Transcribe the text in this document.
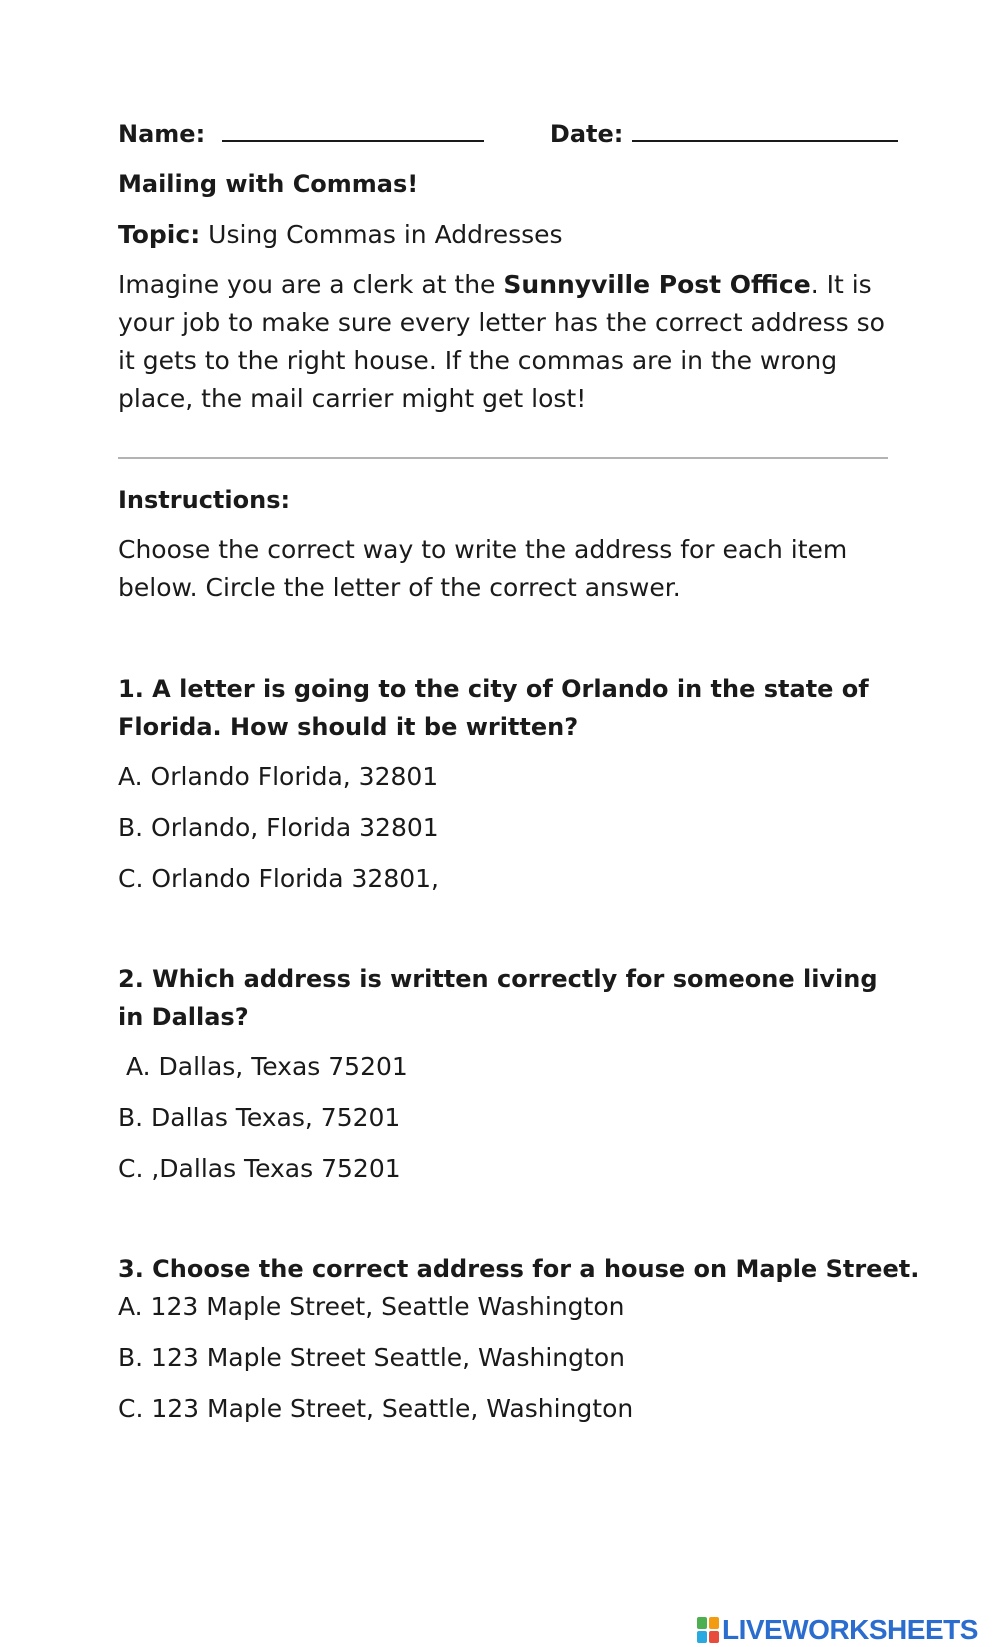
Name:	Date:
Mailing with Commas!
Topic: Using Commas in Addresses
Imagine you are a clerk at the Sunnyville Post Office. It is your job to make sure every letter has the correct address so it gets to the right house. If the commas are in the wrong place, the mail carrier might get lost!
Instructions:
Choose the correct way to write the address for each item below. Circle the letter of the correct answer.
1. A letter is going to the city of Orlando in the state of Florida. How should it be written?
A. Orlando Florida, 32801
B. Orlando, Florida 32801
C. Orlando Florida 32801,
2. Which address is written correctly for someone living in Dallas?
A. Dallas, Texas 75201
B. Dallas Texas, 75201
C. ,Dallas Texas 75201
3. Choose the correct address for a house on Maple Street.
A. 123 Maple Street, Seattle Washington
B. 123 Maple Street Seattle, Washington
C. 123 Maple Street, Seattle, Washington
LIVEWORKSHEETS
